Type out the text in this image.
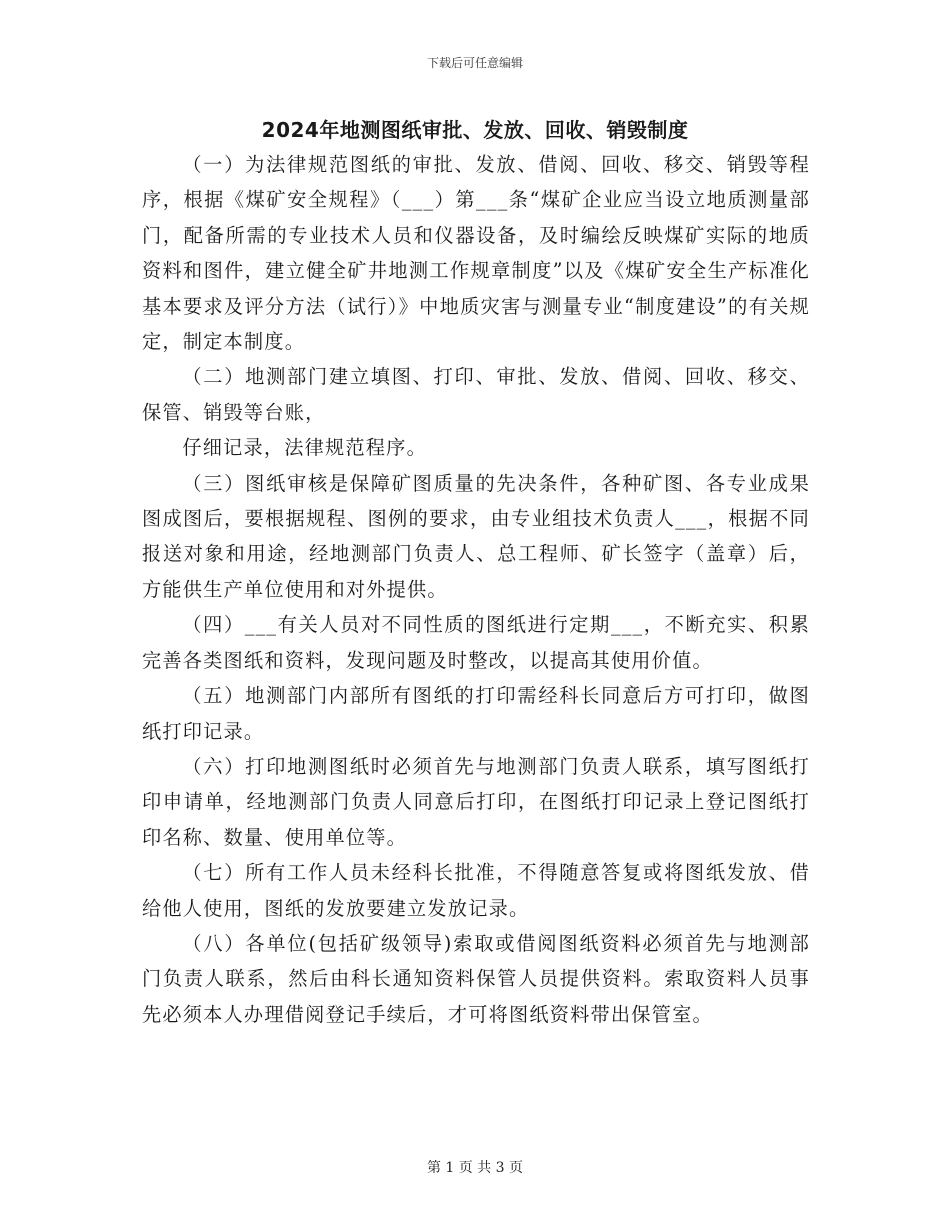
下载后可任意编辑
2024年地测图纸审批、发放、回收、销毁制度

（一）为法律规范图纸的审批、发放、借阅、回收、移交、销毁等程序，根据《煤矿安全规程》（___）第___条“煤矿企业应当设立地质测量部门，配备所需的专业技术人员和仪器设备，及时编绘反映煤矿实际的地质资料和图件，建立健全矿井地测工作规章制度”以及《煤矿安全生产标准化基本要求及评分方法（试行）》中地质灾害与测量专业“制度建设”的有关规定，制定本制度。

（二）地测部门建立填图、打印、审批、发放、借阅、回收、移交、保管、销毁等台账，

仔细记录，法律规范程序。

（三）图纸审核是保障矿图质量的先决条件，各种矿图、各专业成果图成图后，要根据规程、图例的要求，由专业组技术负责人___，根据不同报送对象和用途，经地测部门负责人、总工程师、矿长签字（盖章）后，方能供生产单位使用和对外提供。

（四）___有关人员对不同性质的图纸进行定期___，不断充实、积累完善各类图纸和资料，发现问题及时整改，以提高其使用价值。

（五）地测部门内部所有图纸的打印需经科长同意后方可打印，做图纸打印记录。

（六）打印地测图纸时必须首先与地测部门负责人联系，填写图纸打印申请单，经地测部门负责人同意后打印，在图纸打印记录上登记图纸打印名称、数量、使用单位等。

（七）所有工作人员未经科长批准，不得随意答复或将图纸发放、借给他人使用，图纸的发放要建立发放记录。

（八）各单位(包括矿级领导)索取或借阅图纸资料必须首先与地测部门负责人联系，然后由科长通知资料保管人员提供资料。索取资料人员事先必须本人办理借阅登记手续后，才可将图纸资料带出保管室。

第 1 页 共 3 页
